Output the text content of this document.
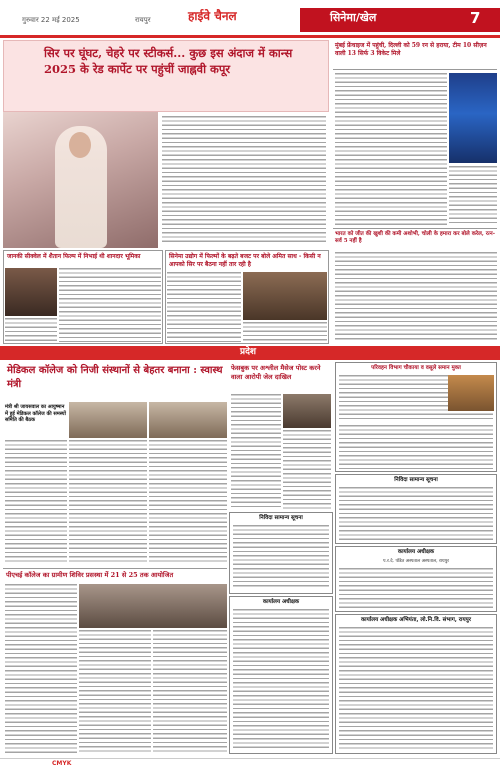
गुरुवार 22 मई 2025	रायपुर	हाईवे चैनल	सिनेमा/खेल	7
सिर पर घूंघट, चेहरे पर स्टीकर्स... कुछ इस अंदाज में कान्स 2025 के रेड कार्पेट पर पहुंचीं जाह्नवी कपूर
मुंबई फ्रेंचाइज में पहुंची, दिल्ली को 59 रन से हराया, टीम 10 सीज़न वाली 13 सिर्फ 3 विकेट मिले
भारत को जीत की खुशी की कमी अशोभी, चोली के हमारा कर बोले करेल, रत्न- सर्व 5 नहीं है
जानकी सीक्वेल में शैतान फिल्म में निभाई थी शानदार भूमिका	सिनेमा उद्योग में फिल्मों के बढ़ते बजट पर बोले अमित साध - किसी न आपको सिर पर बैठना नहीं तार रही है
प्रदेश
मेडिकल कॉलेज को निजी संस्थानों से बेहतर बनाना : स्वास्थ मंत्री
मंत्री श्री जायसवाल का आयुष्मान में हुई मेडिकल कॉलेज की समस्यों समिति की बैठक
पीएचई कॉलेज का ग्रामीण शिविर प्रसस्था में 21 से 25 तक आयोजित
फेसबुक पर अश्लील मैसेज पोस्ट करने वाला आरोपी जेल दाखिल
निविदा सामान्य सूचना
कार्यालय अधीक्षक
परिवहन विभाग चौकाया व वसूले समान मुक्त
निविदा सामान्य सूचना
कार्यालय अधीक्षक
प.र.दे. पंडित अस्पताल अस्पताल, रायपुर
कार्यालय अधीक्षक अभियंता, लो.नि.वि. संभाग, रायपुर
CMYK
